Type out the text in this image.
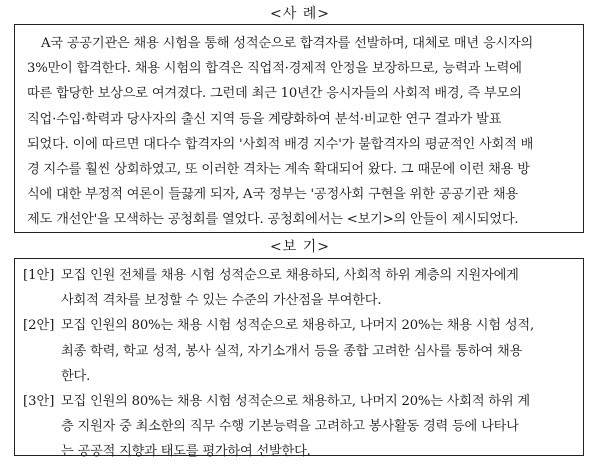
<사 례>
A국 공공기관은 채용 시험을 통해 성적순으로 합격자를 선발하며, 대체로 매년 응시자의
3%만이 합격한다. 채용 시험의 합격은 직업적·경제적 안정을 보장하므로, 능력과 노력에
따른 합당한 보상으로 여겨졌다. 그런데 최근 10년간 응시자들의 사회적 배경, 즉 부모의
직업·수입·학력과 당사자의 출신 지역 등을 계량화하여 분석·비교한 연구 결과가 발표
되었다. 이에 따르면 대다수 합격자의 '사회적 배경 지수'가 불합격자의 평균적인 사회적 배
경 지수를 훨씬 상회하였고, 또 이러한 격차는 계속 확대되어 왔다. 그 때문에 이런 채용 방
식에 대한 부정적 여론이 들끓게 되자, A국 정부는 '공정사회 구현을 위한 공공기관 채용
제도 개선안'을 모색하는 공청회를 열었다. 공청회에서는 <보기>의 안들이 제시되었다.
<보 기>
[1안] 모집 인원 전체를 채용 시험 성적순으로 채용하되, 사회적 하위 계층의 지원자에게
사회적 격차를 보정할 수 있는 수준의 가산점을 부여한다.
[2안] 모집 인원의 80%는 채용 시험 성적순으로 채용하고, 나머지 20%는 채용 시험 성적,
최종 학력, 학교 성적, 봉사 실적, 자기소개서 등을 종합 고려한 심사를 통하여 채용
한다.
[3안] 모집 인원의 80%는 채용 시험 성적순으로 채용하고, 나머지 20%는 사회적 하위 계
층 지원자 중 최소한의 직무 수행 기본능력을 고려하고 봉사활동 경력 등에 나타나
는 공공적 지향과 태도를 평가하여 선발한다.
